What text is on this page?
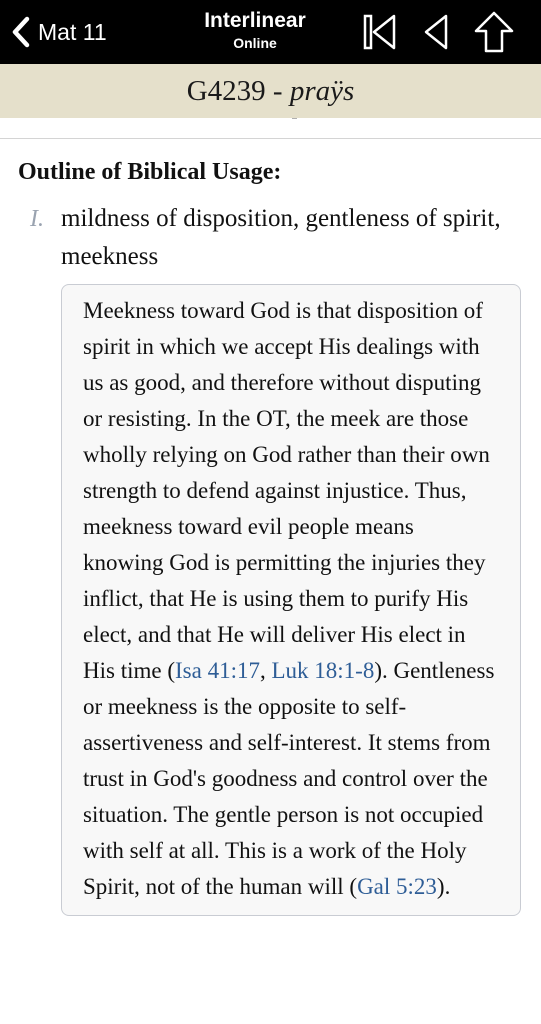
Mat 11	Interlinear
Online
G4239 - praÿs
Outline of Biblical Usage:
I. mildness of disposition, gentleness of spirit, meekness
Meekness toward God is that disposition of spirit in which we accept His dealings with us as good, and therefore without disputing or resisting. In the OT, the meek are those wholly relying on God rather than their own strength to defend against injustice. Thus, meekness toward evil people means knowing God is permitting the injuries they inflict, that He is using them to purify His elect, and that He will deliver His elect in His time (Isa 41:17, Luk 18:1-8). Gentleness or meekness is the opposite to self-assertiveness and self-interest. It stems from trust in God's goodness and control over the situation. The gentle person is not occupied with self at all. This is a work of the Holy Spirit, not of the human will (Gal 5:23).
